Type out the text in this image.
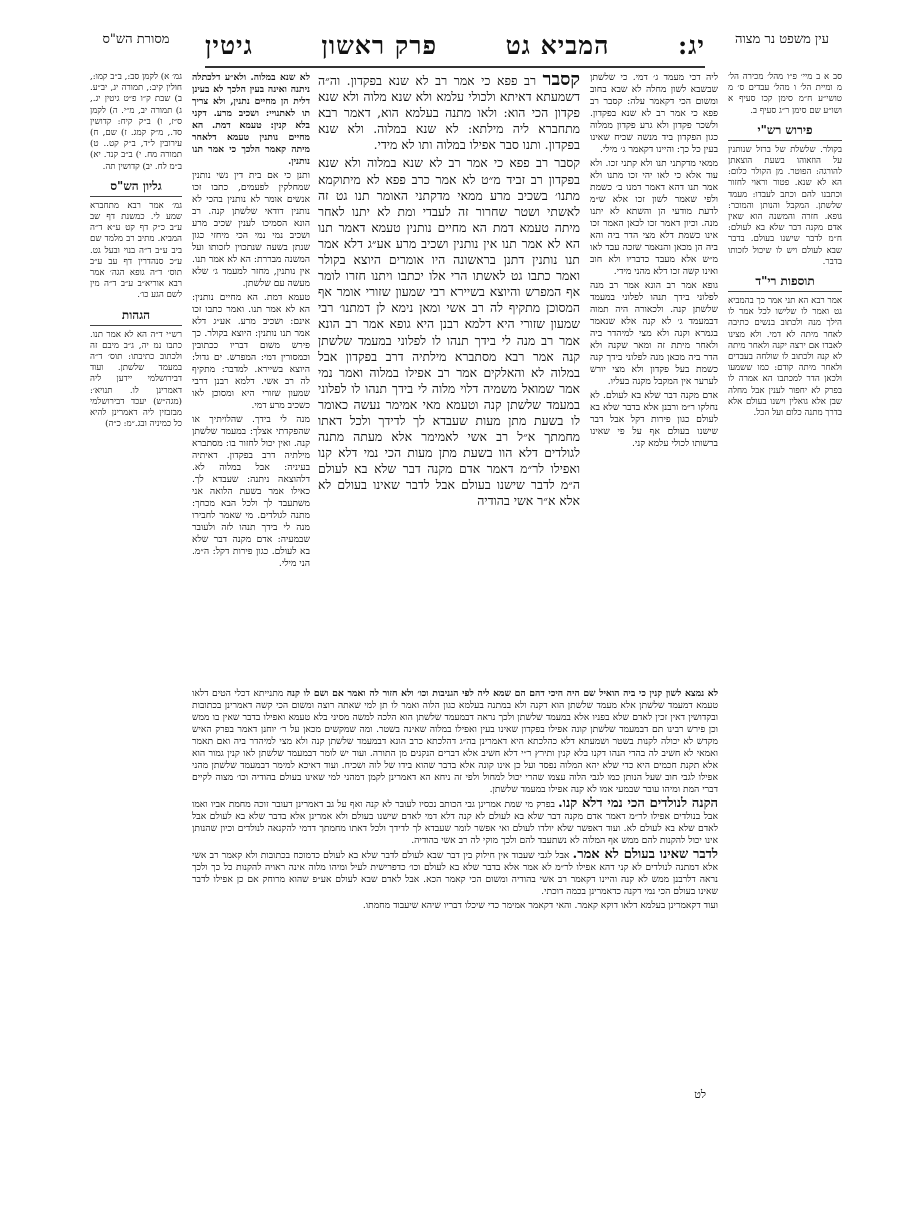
מסורת הש"ס	עין משפט נר מצוה
יג:
המביא גט
פרק ראשון
גיטין
גמ׳ א) לקמן סב:, ב״ב קמו:, חולין קיב:, תמורה יג, יב״ע. ב) שבת ק״ו פ״ט גיטין יג., ג) תמורה יב, מ״י. ה) לקמן ס״ז, ו) ב״ק קיח: קדושין סד., מ״ק קמג. ז) שם, ח) עירובין ל״ד, ב״ק קט.. ט) תמורה מח. י) ב״ב קנד. יא) ב״מ לח. יב) קדושין תה.
גליון הש"ס
גמ׳ אמר רבא מתחברא שמע לי. כמשנת דף שב ע״ב כ״ק דף קט ע״א ד״ה המביא. מתיב רב מלמד שם ביב ע״ב ד״ה בנוי ובעל גט. ע״כ סנהדרין דף עב ע״ב תוס׳ ד״ה גופא הגה׳ אמר רבא אוריא״ב ע״ב ד״ה מין לשם הגע כו׳.
הגהות
רש״י ד״ה הא לא אמר תנו. כתבו נמ יה, ג״ב מיבם זה ולכתוב כתיבתו: תוס׳ ד״ה במעמד שלשתן. ועוד דבירושלמי יידען ליה דאמרינן לו. תנויא׳: (מגה״ש) יעכד דבירושלמי מבזבזין ליה דאמרינן להיא כל כמיניה ובג.״מ: כ״ה)
סב א ב מיי׳ פ״ו מהל׳ מכירה הל׳ מ ומיית הל׳ ו מהל׳ עבדים ס׳ מ טושי״ע ח״מ סימן קכו סעיף א ושו״ע שם סימן ר״ג סעיף ב.
פירוש רש"י
בקולר. שלשלת של ברזל שנותנין על הוזאוהו בשעת הוצאתן להורגה: הפוטר. מן הקולר כלום: הא לא שנא. פטור וראוי לחזור וכתבנו להם וכתב לעבדו: מעמד שלשתן. המקבל והנותן והמוכר: גופא. חזרה והמשנה הוא שאין אדם מקנה דבר שלא בא לעולם: ח״מ לדבר שישנו בעולם. בדבר שבא לעולם ויש לו שיכול לזכותו בדבר.
תוספות רי"ד
אמר רבא הא תני אמר כך בהמביא גט ואמר לו שלישו לכל אמר לו הילך מנה ולכתוב בנשים כתיבה לאחר מיתה לא דמי. ולא מצינו לאבדו אם ירצה יקנה ולאחר מיתה לא קנה ולכתוב לו שולחה בעבדים ולאחר מיתה קודם: כמו ששמעו ולכאן הדר למכתבו הא אמרה לו בפרק לא יחפור לענין אבל מחלה שבן אלא גואלין וישנו בעולם אלא בדרך מתנה כלום ועל הכל.

ליה דכי מעמד ג׳ דמי. כי שלשתן שבשבא לשון מחלה לא שבא בחוב ומשום הכי דקאמר עלה: קסבר רב פפא כי אמר רב לא שנא בפקדון. ולשכר פקדון ולא גרע פקדון ממלוה כגון הפקדון ביד מנשה שכיח שאינו בעין כל כך: והיינו דקאמר ג׳ מילי.

ממאי מדקתני תנו ולא קתני זכו. ולא עוד אלא כי לאו יהי זכו מתנו ולא אמר תנו דהא דאמר דמנו ב׳ כשמת ולפי שאמר לשון זכו אלא ש״מ לדעת מודעי הן והשתא לא יתנו מנה. וכיון דאמר זכו לכאן האמר זכו אינו כשמת דלא מצי הדר ביה והא ביה הן מכאן והנאמר שזכה עבד לאו מ״ש אלא מעבד כדבריו ולא חוב ואינו קשה זכו דלא מהני מידי.

גופא אמר רב הונא אמר רב מנה לפלוני בידך תנהו לפלוני במעמד שלשתן קנה. ולכאורה היה תמוה דבמעמד ג׳ לא קנה אלא שנאמר בגמרא וקנה ולא מצי למיהדר ביה ולאחר מיתת זה ומאר שקנה ולא הדר ביה מכאן מנה לפלוני בידך קנה כשמת בעל פקדון ולא מצי יורש לערער אין המקבל מקנה בעליו.

אדם מקנה דבר שלא בא לעולם. לא נחלקו ר״מ ורבנן אלא בדבר שלא בא לעולם כגון פירות דקל אבל דבר שישנו בעולם אף על פי שאינו ברשותו לכולי עלמא קני.

קסבר רב פפא כי אמר רב לא שנא בפקדון. וה״ה דשמעתא דאיתא ולכולי עלמא ולא שנא מלוה ולא שנא פקדון הכי הוא: ולאו מתנה בעלמא הוא, דאמר רבא מתחברא ליה מילתא: לא שנא במלוה. ולא שנא בפקדון. ותנו סבר אפילו במלוה ותו לא מידי.

קסבר רב פפא כי אמר רב לא שנא במלוה ולא שנא בפקדון רב זביד מ״ט לא אמר כרב פפא לא מיתוקמא מתנו׳ בשכיב מרע ממאי מדקתני האומר תנו גט זה לאשתי ושטר שחרור זה לעבדי ומת לא יתנו לאחר מיתה טעמא דמת הא מחיים נותנין טעמא דאמר תנו הא לא אמר תנו אין נותנין ושכיב מרע אע״ג דלא אמר תנו נותנין דתנן בראשונה היו אומרים היוצא בקולר ואמר כתבו גט לאשתו הרי אלו יכתבו ויתנו חזרו לומר אף המפרש והיוצא בשיירא רבי שמעון שזורי אומר אף המסוכן מתקיף לה רב אשי ומאן נימא לן דמתנו׳ רבי שמעון שזורי היא דלמא רבנן היא גופא אמר רב הונא אמר רב מנה לי בידך תנהו לו לפלוני במעמד שלשתן קנה אמר רבא מסתברא מילתיה דרב בפקדון אבל במלוה לא והאלקים אמר רב אפילו במלוה ואמר נמי אמר שמואל משמיה דלוי מלוה לי בידך תנהו לו לפלוני במעמד שלשתן קנה וטעמא מאי אמימר נעשה כאומר לו בשעת מתן מעות שעבדא לך לדידך ולכל דאתו מחמתך א״ל רב אשי לאמימר אלא מעתה מתנה לגולדים דלא הוו בשעת מתן מעות הכי נמי דלא קנו ואפילו לר״מ דאמר אדם מקנה דבר שלא בא לעולם ה״מ לדבר שישנו בעולם אבל לדבר שאינו בעולם לא אלא א״ר אשי בהודיה

לא שנא במלוה. ולא״ע דלכתלה ניתנה ואינה בעין הלכך לא בעינן דלית הן מחיים נתנין, ולא צריך תו לאתנויי: ושכיב מרע. דקני בלא קנין: טעמא דמת. הא מחיים נותנין טעמא דלאחר מיתה קאמר הלכך כי אמר תנו נותנין.

ותנן כי אם בית דין נשי נותנין שמחלקין לפעמים, כתבו זכו אנשים אומר לא נותנין בהכי לא נותנין דודאי שלשתן קנה. רב הונא הסמיכו לענין שכיב מרע ושכיב נמי נמי הכי מיחזי כגון שנתן בשעה שנתכוין לזכותו ועל המשנה מבררת: הא לא אמר תנו. אין נותנין, מחזר למעמד ג׳ שלא מעשה עם שלשתן.

טעמא דמת. הא מחיים נותנין: הא לא אמר תנו. ואמר כתבו זכו אינם: ושכיב מרע. אע״ג דלא אמר תנו נותנין: היוצא בקולר. כך פירש משום דבריו ככתובין וכמסורין דמי: המפרש. ים גדול: היוצא בשיירא. למדבר: מתקיף לה רב אשי. דלמא רבנן דרבי שמעון שזורי היא ומסוכן לאו כשכיב מרע דמי.

מנה לי בידך. שהלויתיך או שהפקדתי אצלך: במעמד שלשתן קנה. ואין יכול לחזור בו: מסתברא מילתיה דרב בפקדון. דאיתיה בעיניה: אבל במלוה לא. דלהוצאה ניתנה: שעבדא לך. כאילו אמר בשעת הלואה אני משתעבד לך ולכל הבא מכחך: מתנה לגולדים. מי שאמר לחבירו מנה לי בידך תנהו לזה ולעובר שבמעיה: אדם מקנה דבר שלא בא לעולם. כגון פירות דקל: ה״מ. הני מילי.

לא נמצא לשון קנין כי ביה הואיל שם היה היכי דהם הם שמא ליה לפי הגניבות וכו׳ ולא חזור לה ואמר אם ושם לו קנה מתנייתא דכלי הטים דלאו טעמא דמעמד שלשתן אלא מעמד שלשתן הוא דקנה ולא במתנה בעלמא כגון הלוה ואמר לו תן למי שאתה רוצה ומשום הכי קשה דאמרינן בכתובות ובקדושין דאין זכין לאדם שלא בפניו אלא במעמד שלשתן ולכך נראה דבמעמד שלשתן הוא הלכה למשה מסיני בלא טעמא ואפילו בדבר שאין בו ממש וכן פירש רבינו תם דבמעמד שלשתן קונה אפילו בפקדון שאינו בעין ואפילו במלוה שאינה בשטר. ומה שמקשים מכאן על ר׳ יוחנן דאמר בפרק האיש מקדש לא יכולה לקנות בשטר ושמעתא דלא כהלכתא היא דאמרינן בה״ג דהלכתא כרב הונא דבמעמד שלשתן קנה ולא מצי למיהדר ביה ואם תאמר ואמאי לא חשיב לה בהדי הנהו דקנו בלא קנין ותירץ ר״י דלא חשיב אלא דברים הנקנים מן התורה. ועוד יש לומר דבמעמד שלשתן לאו קנין גמור הוא אלא תקנת חכמים היא כדי שלא יהא המלוה נפסד ועל כן אינו קונה אלא בדבר שהוא בידו של לוה ושכיח. ועוד דאיכא למימר דבמעמד שלשתן מהני אפילו לגבי חוב שעל הנותן כמו לגבי הלוה עצמו שהרי יכול למחול ולפי זה ניחא הא דאמרינן לקמן דמהני למי שאינו בעולם בהודיה וכו׳ מצוה לקיים דברי המת ומיהו עובר שבמעי אמו לא קנה אפילו במעמד שלשתן.

הקנה לנולדים הכי נמי דלא קנו. בפרק מי שמת אמרינן גבי הכותב נכסיו לעובר לא קנה ואף על גב דאמרינן דעובר זוכה מחמת אביו ואמו אבל בנולדים אפילו לר״מ דאמר אדם מקנה דבר שלא בא לעולם לא קנה דלא דמי לאדם שישנו בעולם ולא אמרינן אלא בדבר שלא בא לעולם אבל לאדם שלא בא לעולם לא. ועוד דאפשר שלא יולדו לעולם ואי אפשר לומר שעבדא לך לדידך ולכל דאתו מחמתך דדמי להקנאה לנולדים וכיון שהנותן אינו יכול להקנות להם ממש אף המלוה לא נשתעבד להם ולכך מוקי לה רב אשי בהודיה.

לדבר שאינו בעולם לא אמר. אבל לגבי שעבוד אין חילוק בין דבר שבא לעולם לדבר שלא בא לעולם כדמוכח בכתובות ולא קאמר רב אשי אלא דמתנה לנולדים לא קני דהא אפילו לר״מ לא אמר אלא בדבר שלא בא לעולם וכו׳ כדפרישית לעיל ומיהו מלוה אינה ראויה להקנות כל כך ולכך נראה דלרבנן ממש לא קנה והיינו דקאמר רב אשי בהודיה ומשום הכי קאמר הכא. אבל לאדם שבא לעולם אע״פ שהוא מרוחק אם כן אפילו לדבר שאינו בעולם הכי נמי דקנה כדאמרינן בכמה דוכתי.

ועוד דקאמרינן בעלמא דלאו דוקא קאמר. והאי דקאמר אמימר כדי שיכלו דבריו שיהא שיעבוד מחמתו.

לט
